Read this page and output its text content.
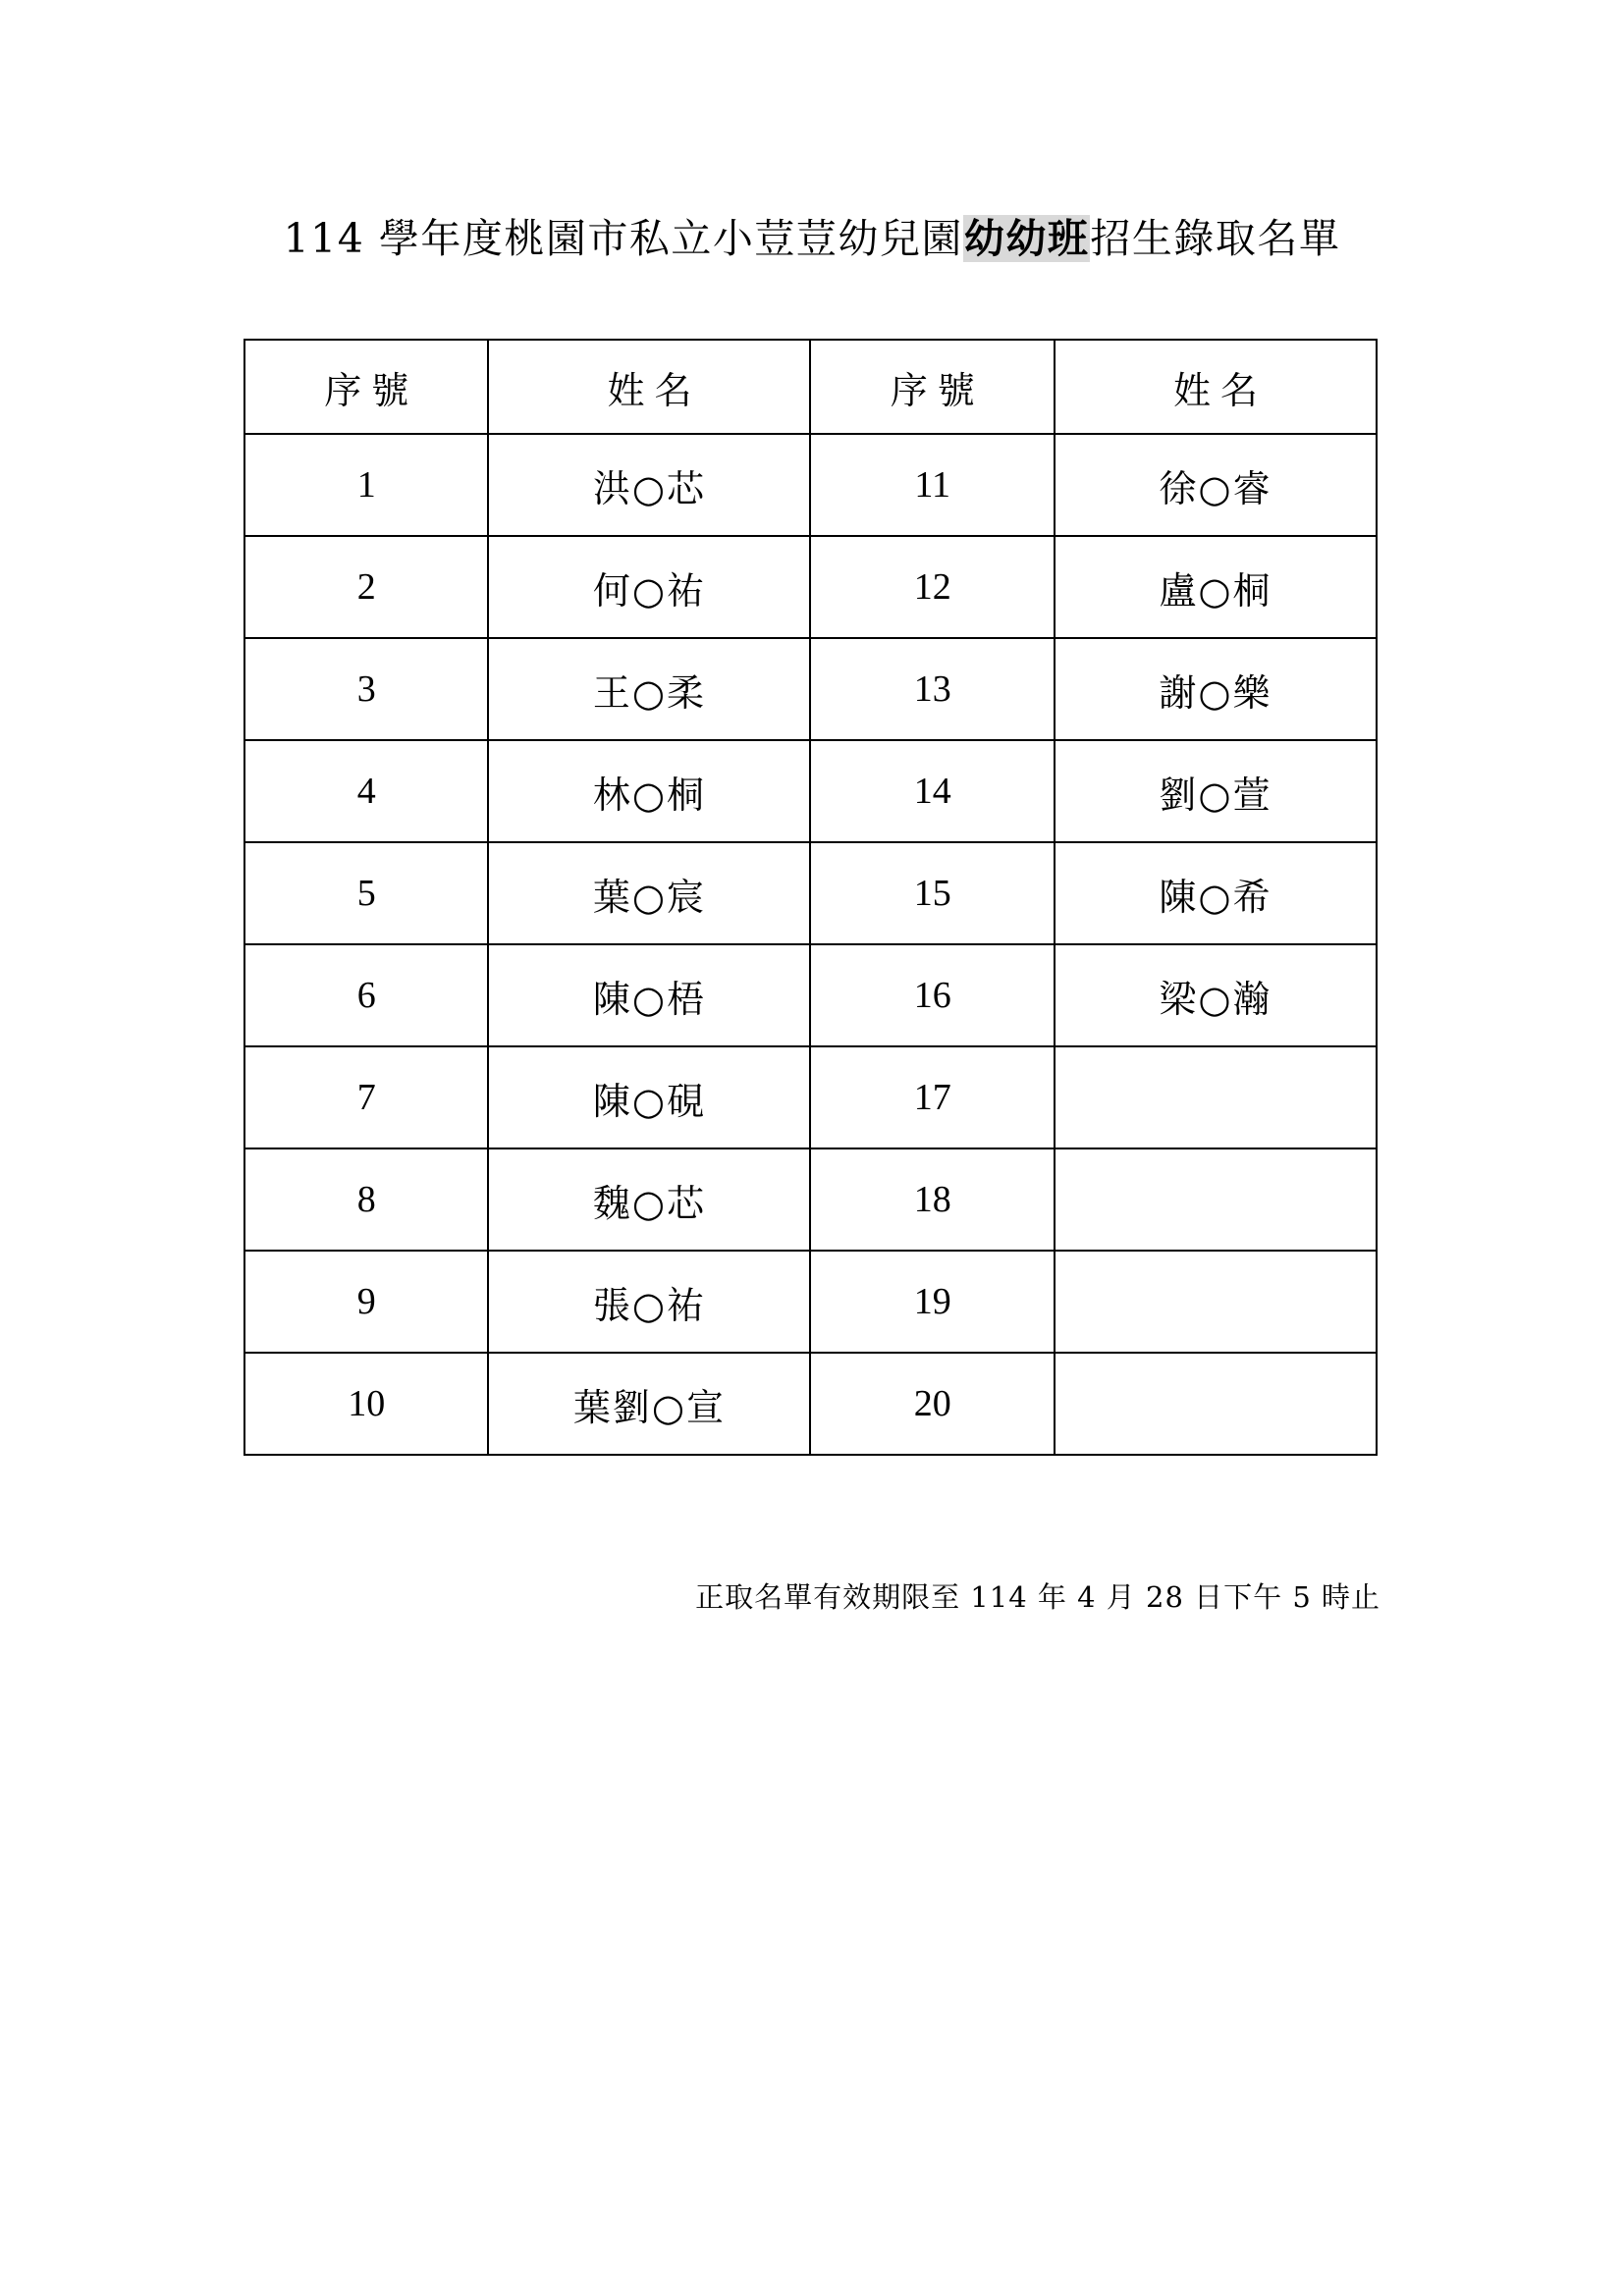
114 學年度桃園市私立小荳荳幼兒園幼幼班招生錄取名單
序號	姓名	序號	姓名
1	洪○芯	11	徐○睿
2	何○祐	12	盧○桐
3	王○柔	13	謝○樂
4	林○桐	14	劉○萱
5	葉○宸	15	陳○希
6	陳○梧	16	梁○瀚
7	陳○硯	17	
8	魏○芯	18	
9	張○祐	19	
10	葉劉○宣	20	
正取名單有效期限至 114 年 4 月 28 日下午 5 時止
